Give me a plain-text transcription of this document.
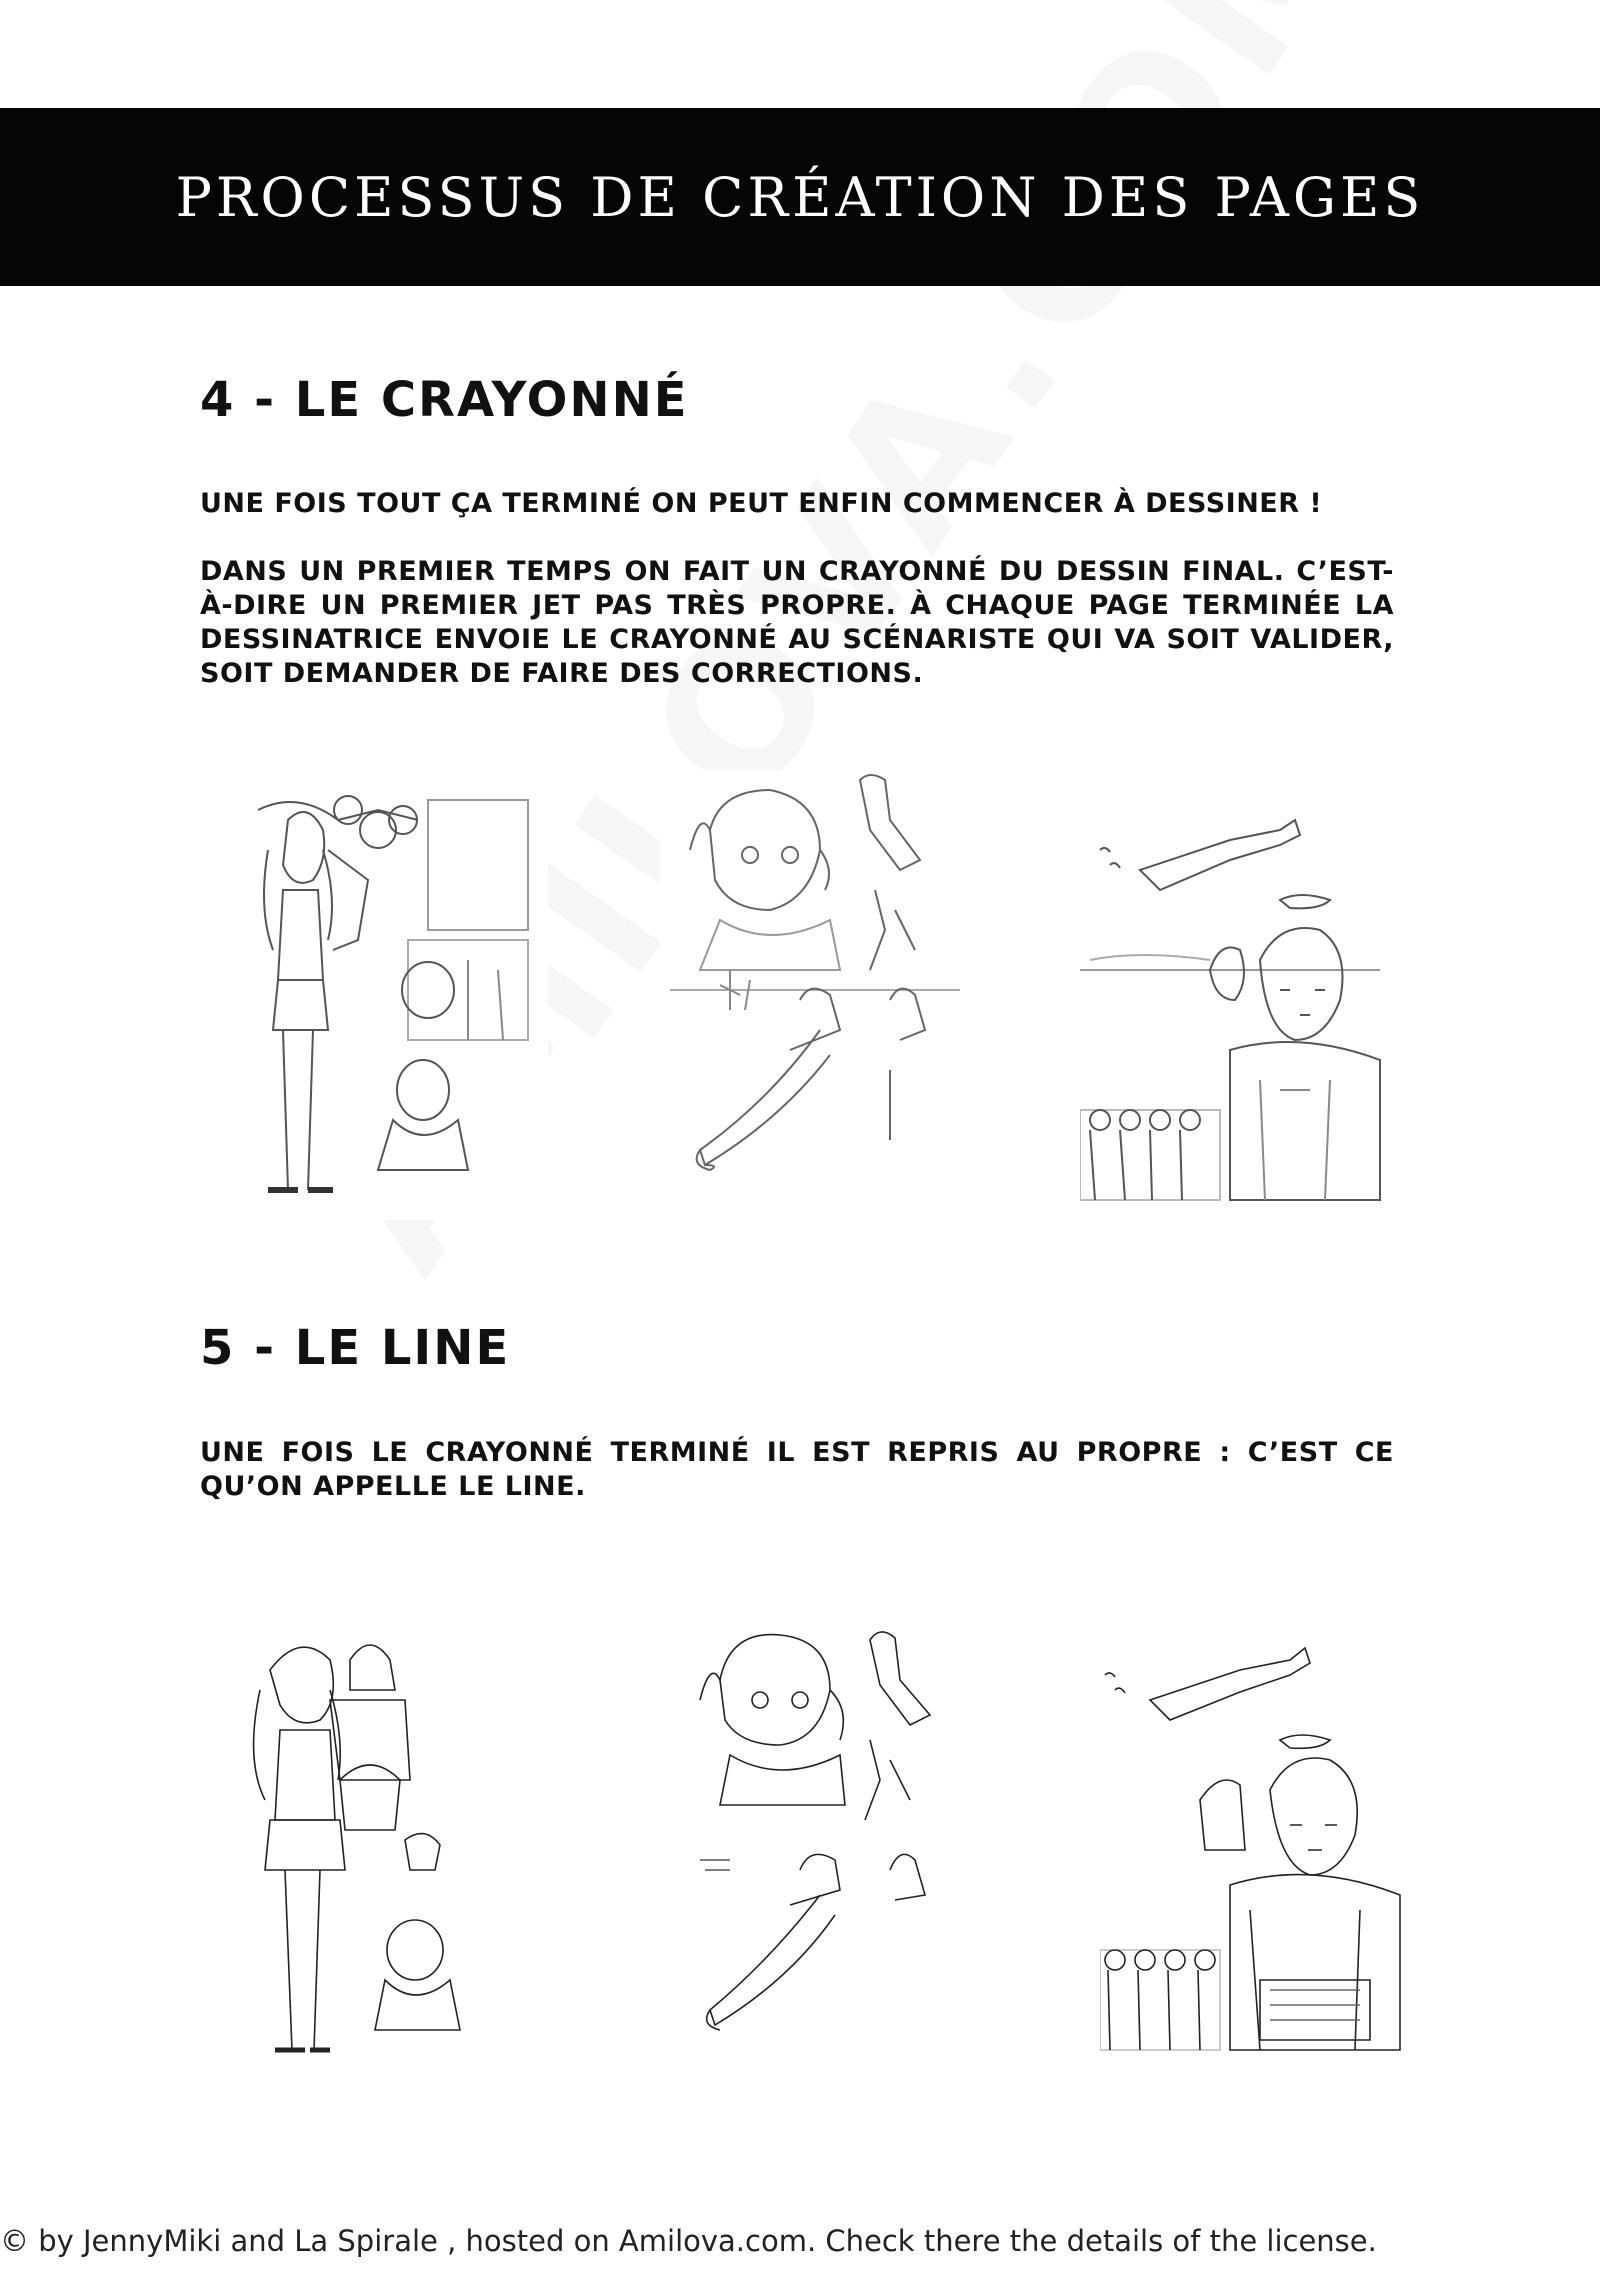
PROCESSUS DE CRÉATION DES PAGES
4 - LE CRAYONNÉ

UNE FOIS TOUT ÇA TERMINÉ ON PEUT ENFIN COMMENCER À DESSINER !

DANS UN PREMIER TEMPS ON FAIT UN CRAYONNÉ DU DESSIN FINAL. C’EST-À-DIRE UN PREMIER JET PAS TRÈS PROPRE. À CHAQUE PAGE TERMINÉE LA DESSINATRICE ENVOIE LE CRAYONNÉ AU SCÉNARISTE QUI VA SOIT VALIDER, SOIT DEMANDER DE FAIRE DES CORRECTIONS.

5 - LE LINE

UNE FOIS LE CRAYONNÉ TERMINÉ IL EST REPRIS AU PROPRE : C’EST CE QU’ON APPELLE LE LINE.

© by JennyMiki and La Spirale , hosted on Amilova.com. Check there the details of the license.
